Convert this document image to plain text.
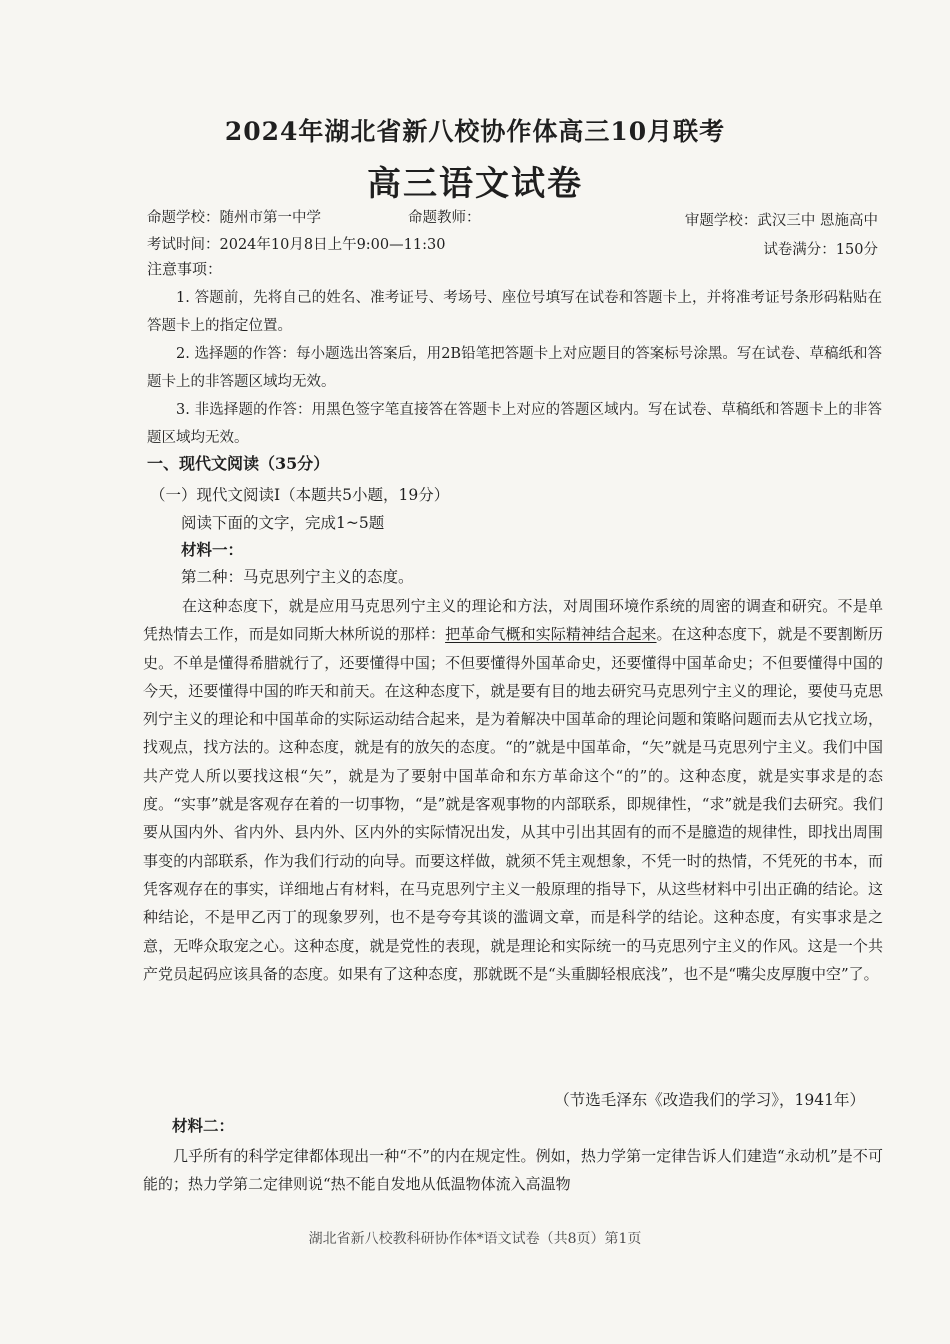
2024年湖北省新八校协作体高三10月联考
高三语文试卷
命题学校：随州市第一中学	命题教师：	审题学校：武汉三中 恩施高中
考试时间：2024年10月8日上午9:00—11:30	试卷满分：150分
注意事项：
1. 答题前，先将自己的姓名、准考证号、考场号、座位号填写在试卷和答题卡上，并将准考证号条形码粘贴在答题卡上的指定位置。
2. 选择题的作答：每小题选出答案后，用2B铅笔把答题卡上对应题目的答案标号涂黑。写在试卷、草稿纸和答题卡上的非答题区域均无效。
3. 非选择题的作答：用黑色签字笔直接答在答题卡上对应的答题区域内。写在试卷、草稿纸和答题卡上的非答题区域均无效。
一、现代文阅读（35分）
（一）现代文阅读Ⅰ（本题共5小题，19分）
阅读下面的文字，完成1~5题
材料一：
第二种：马克思列宁主义的态度。
在这种态度下，就是应用马克思列宁主义的理论和方法，对周围环境作系统的周密的调查和研究。不是单凭热情去工作，而是如同斯大林所说的那样：把革命气概和实际精神结合起来。在这种态度下，就是不要割断历史。不单是懂得希腊就行了，还要懂得中国；不但要懂得外国革命史，还要懂得中国革命史；不但要懂得中国的今天，还要懂得中国的昨天和前天。在这种态度下，就是要有目的地去研究马克思列宁主义的理论，要使马克思列宁主义的理论和中国革命的实际运动结合起来，是为着解决中国革命的理论问题和策略问题而去从它找立场，找观点，找方法的。这种态度，就是有的放矢的态度。“的”就是中国革命，“矢”就是马克思列宁主义。我们中国共产党人所以要找这根“矢”，就是为了要射中国革命和东方革命这个“的”的。这种态度，就是实事求是的态度。“实事”就是客观存在着的一切事物，“是”就是客观事物的内部联系，即规律性，“求”就是我们去研究。我们要从国内外、省内外、县内外、区内外的实际情况出发，从其中引出其固有的而不是臆造的规律性，即找出周围事变的内部联系，作为我们行动的向导。而要这样做，就须不凭主观想象，不凭一时的热情，不凭死的书本，而凭客观存在的事实，详细地占有材料，在马克思列宁主义一般原理的指导下，从这些材料中引出正确的结论。这种结论，不是甲乙丙丁的现象罗列，也不是夸夸其谈的滥调文章，而是科学的结论。这种态度，有实事求是之意，无哗众取宠之心。这种态度，就是党性的表现，就是理论和实际统一的马克思列宁主义的作风。这是一个共产党员起码应该具备的态度。如果有了这种态度，那就既不是“头重脚轻根底浅”，也不是“嘴尖皮厚腹中空”了。
（节选毛泽东《改造我们的学习》，1941年）
材料二：
几乎所有的科学定律都体现出一种“不”的内在规定性。例如，热力学第一定律告诉人们建造“永动机”是不可能的；热力学第二定律则说“热不能自发地从低温物体流入高温物
湖北省新八校教科研协作体*语文试卷（共8页）第1页
